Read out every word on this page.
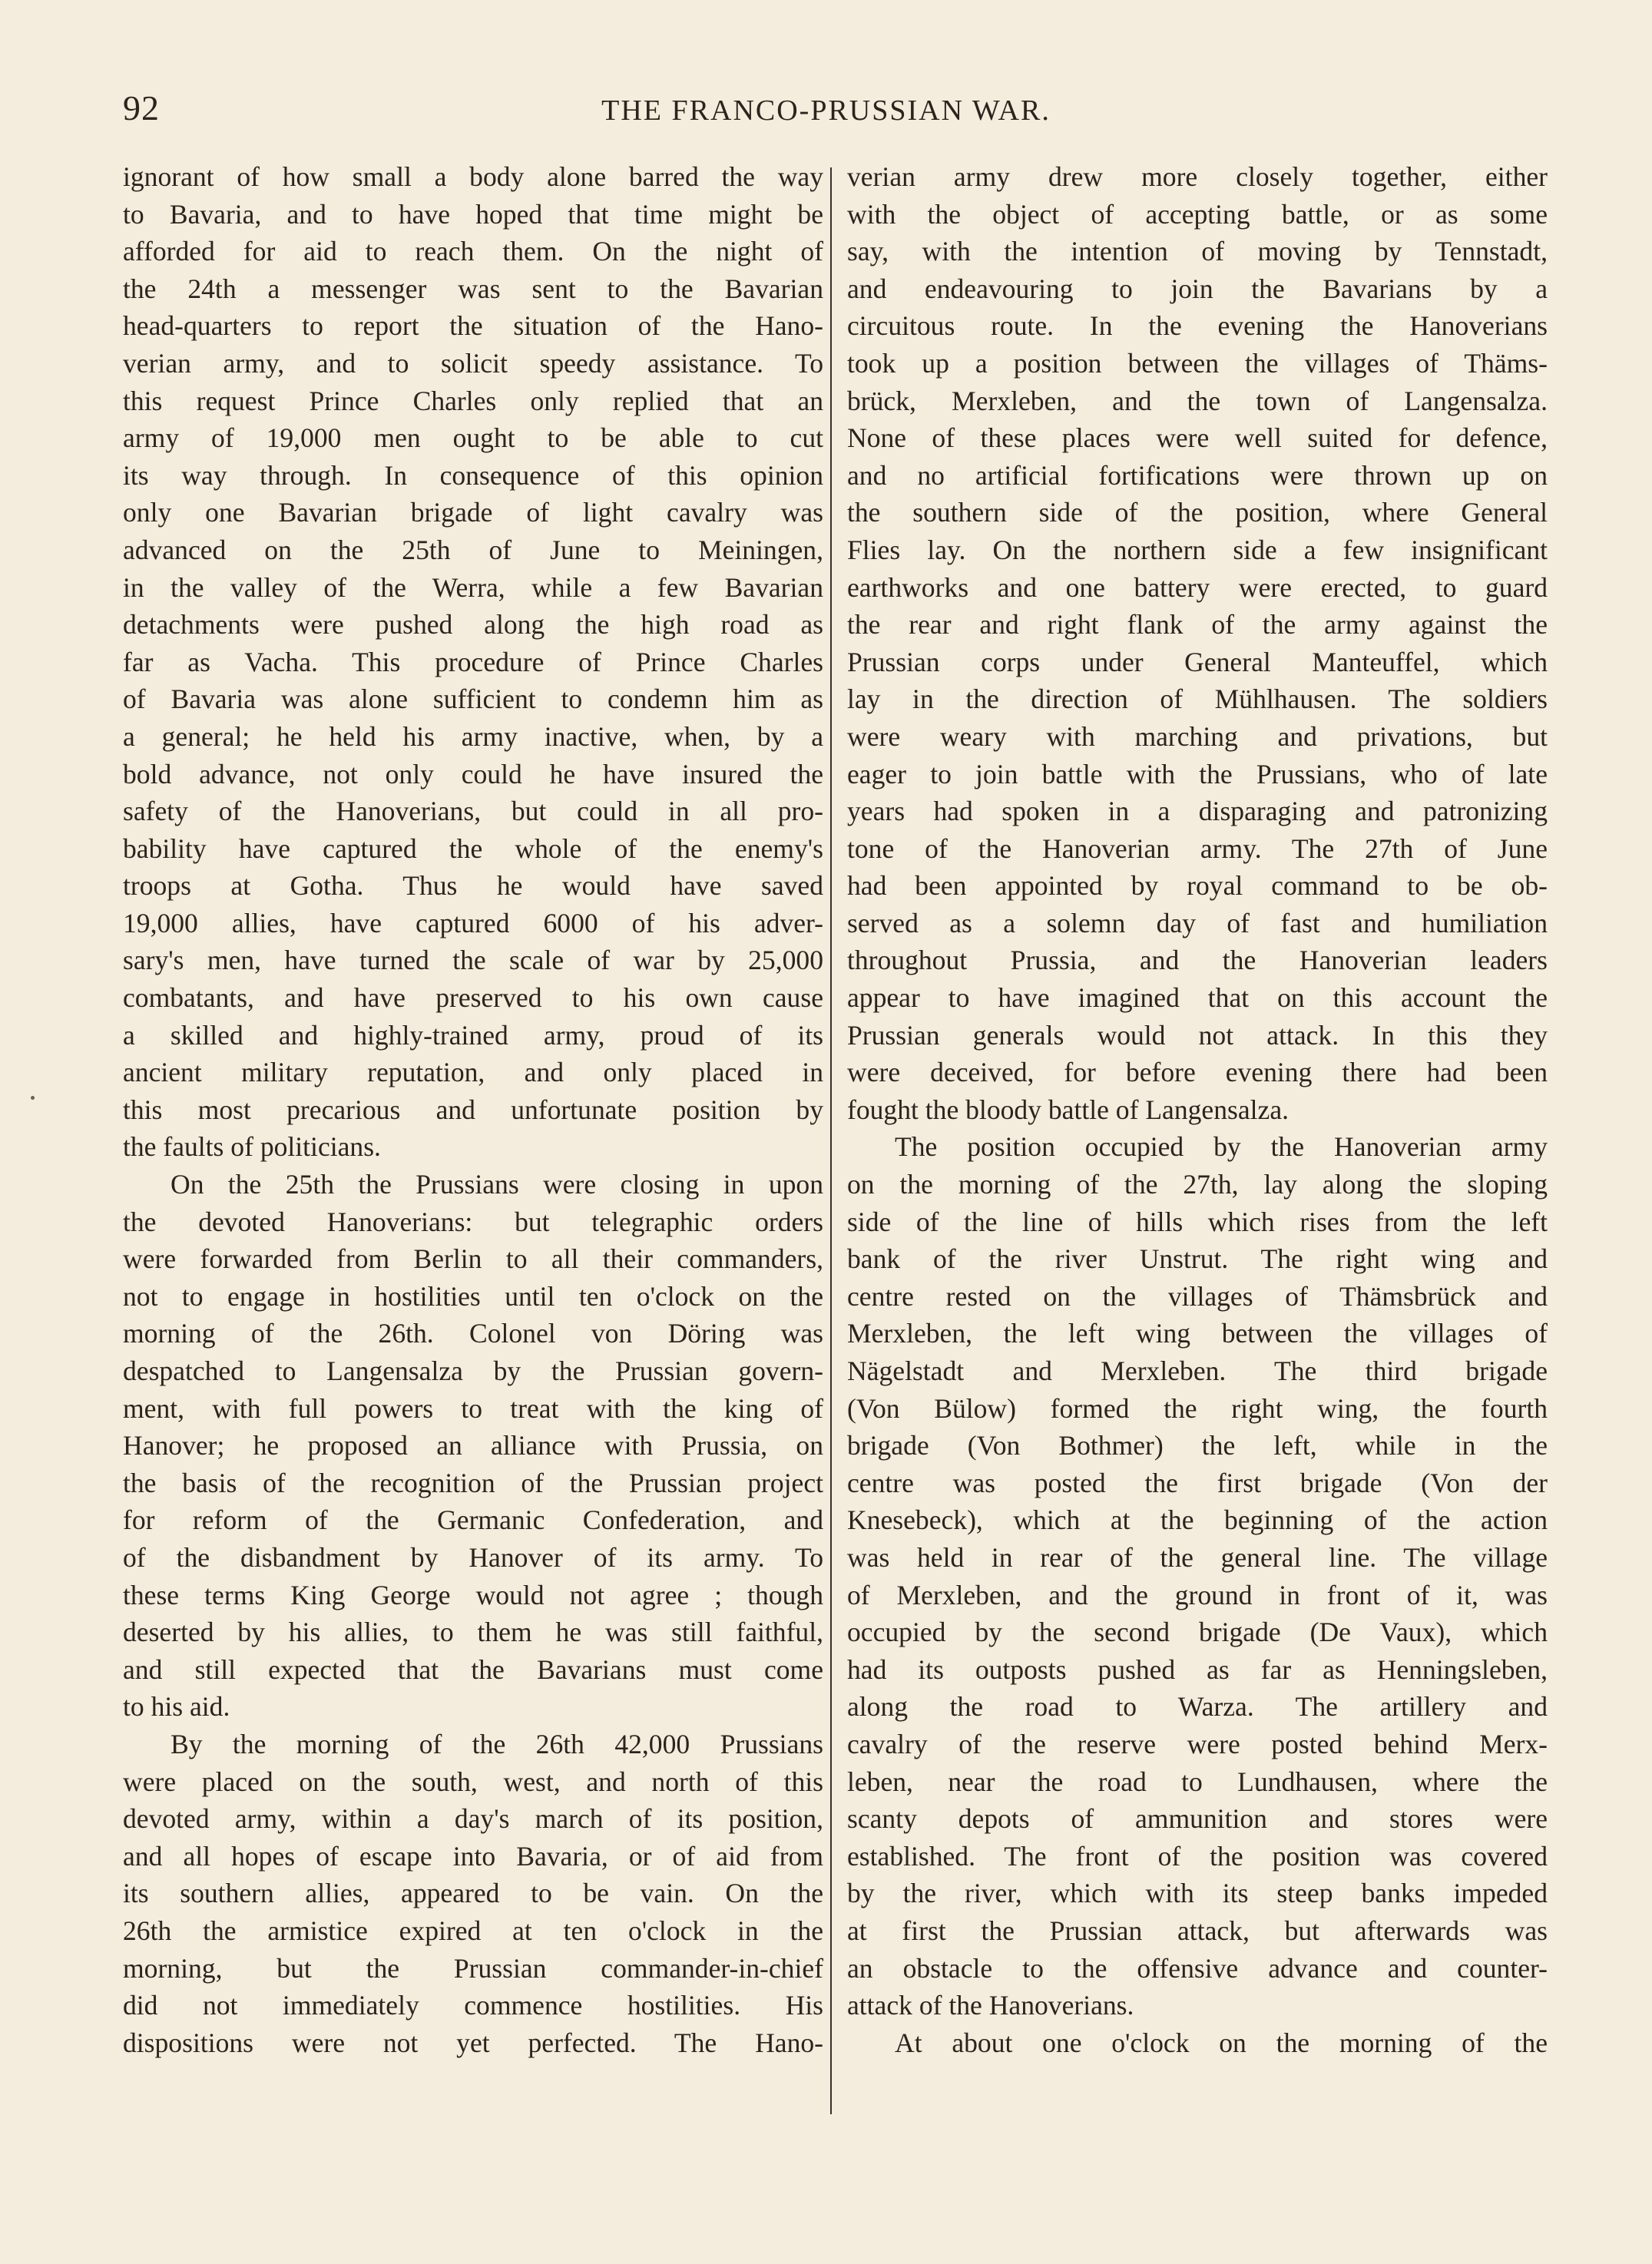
92	THE FRANCO-PRUSSIAN WAR.
ignorant of how small a body alone barred the way
to Bavaria, and to have hoped that time might be
afforded for aid to reach them. On the night of
the 24th a messenger was sent to the Bavarian
head-quarters to report the situation of the Hano-
verian army, and to solicit speedy assistance. To
this request Prince Charles only replied that an
army of 19,000 men ought to be able to cut
its way through. In consequence of this opinion
only one Bavarian brigade of light cavalry was
advanced on the 25th of June to Meiningen,
in the valley of the Werra, while a few Bavarian
detachments were pushed along the high road as
far as Vacha. This procedure of Prince Charles
of Bavaria was alone sufficient to condemn him as
a general; he held his army inactive, when, by a
bold advance, not only could he have insured the
safety of the Hanoverians, but could in all pro-
bability have captured the whole of the enemy's
troops at Gotha. Thus he would have saved
19,000 allies, have captured 6000 of his adver-
sary's men, have turned the scale of war by 25,000
combatants, and have preserved to his own cause
a skilled and highly-trained army, proud of its
ancient military reputation, and only placed in
this most precarious and unfortunate position by
the faults of politicians.
On the 25th the Prussians were closing in upon
the devoted Hanoverians: but telegraphic orders
were forwarded from Berlin to all their commanders,
not to engage in hostilities until ten o'clock on the
morning of the 26th. Colonel von Döring was
despatched to Langensalza by the Prussian govern-
ment, with full powers to treat with the king of
Hanover; he proposed an alliance with Prussia, on
the basis of the recognition of the Prussian project
for reform of the Germanic Confederation, and
of the disbandment by Hanover of its army. To
these terms King George would not agree ; though
deserted by his allies, to them he was still faithful,
and still expected that the Bavarians must come
to his aid.
By the morning of the 26th 42,000 Prussians
were placed on the south, west, and north of this
devoted army, within a day's march of its position,
and all hopes of escape into Bavaria, or of aid from
its southern allies, appeared to be vain. On the
26th the armistice expired at ten o'clock in the
morning, but the Prussian commander-in-chief
did not immediately commence hostilities. His
dispositions were not yet perfected. The Hano-
verian army drew more closely together, either
with the object of accepting battle, or as some
say, with the intention of moving by Tennstadt,
and endeavouring to join the Bavarians by a
circuitous route. In the evening the Hanoverians
took up a position between the villages of Thäms-
brück, Merxleben, and the town of Langensalza.
None of these places were well suited for defence,
and no artificial fortifications were thrown up on
the southern side of the position, where General
Flies lay. On the northern side a few insignificant
earthworks and one battery were erected, to guard
the rear and right flank of the army against the
Prussian corps under General Manteuffel, which
lay in the direction of Mühlhausen. The soldiers
were weary with marching and privations, but
eager to join battle with the Prussians, who of late
years had spoken in a disparaging and patronizing
tone of the Hanoverian army. The 27th of June
had been appointed by royal command to be ob-
served as a solemn day of fast and humiliation
throughout Prussia, and the Hanoverian leaders
appear to have imagined that on this account the
Prussian generals would not attack. In this they
were deceived, for before evening there had been
fought the bloody battle of Langensalza.
The position occupied by the Hanoverian army
on the morning of the 27th, lay along the sloping
side of the line of hills which rises from the left
bank of the river Unstrut. The right wing and
centre rested on the villages of Thämsbrück and
Merxleben, the left wing between the villages of
Nägelstadt and Merxleben. The third brigade
(Von Bülow) formed the right wing, the fourth
brigade (Von Bothmer) the left, while in the
centre was posted the first brigade (Von der
Knesebeck), which at the beginning of the action
was held in rear of the general line. The village
of Merxleben, and the ground in front of it, was
occupied by the second brigade (De Vaux), which
had its outposts pushed as far as Henningsleben,
along the road to Warza. The artillery and
cavalry of the reserve were posted behind Merx-
leben, near the road to Lundhausen, where the
scanty depots of ammunition and stores were
established. The front of the position was covered
by the river, which with its steep banks impeded
at first the Prussian attack, but afterwards was
an obstacle to the offensive advance and counter-
attack of the Hanoverians.
At about one o'clock on the morning of the
